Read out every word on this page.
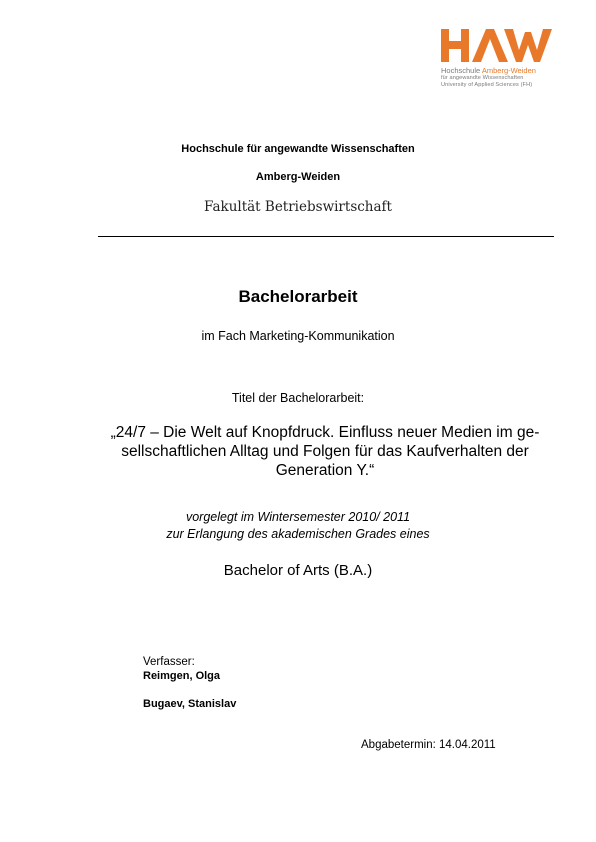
Hochschule Amberg-Weiden
für angewandte Wissenschaften
University of Applied Sciences (FH)
Hochschule für angewandte Wissenschaften
Amberg-Weiden
Fakultät Betriebswirtschaft
Bachelorarbeit
im Fach Marketing-Kommunikation
Titel der Bachelorarbeit:
„24/7 – Die Welt auf Knopfdruck. Einfluss neuer Medien im ge-
sellschaftlichen Alltag und Folgen für das Kaufverhalten der
Generation Y.“
vorgelegt im Wintersemester 2010/ 2011
zur Erlangung des akademischen Grades eines
Bachelor of Arts (B.A.)
Verfasser:
Reimgen, Olga
Bugaev, Stanislav
Abgabetermin: 14.04.2011
